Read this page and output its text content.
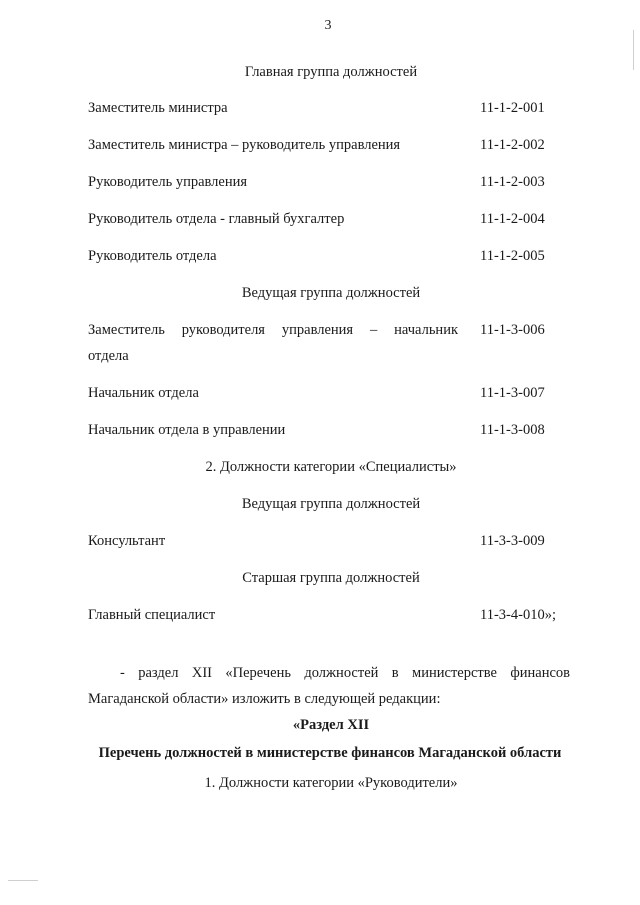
3
Главная группа должностей
Заместитель министра	11-1-2-001
Заместитель министра – руководитель управления	11-1-2-002
Руководитель управления	11-1-2-003
Руководитель отдела - главный бухгалтер	11-1-2-004
Руководитель отдела	11-1-2-005
Ведущая группа должностей
Заместитель руководителя управления – начальник 11-1-3-006
отдела
Начальник отдела	11-1-3-007
Начальник отдела в управлении	11-1-3-008
2. Должности категории «Специалисты»
Ведущая группа должностей
Консультант	11-3-3-009
Старшая группа должностей
Главный специалист	11-3-4-010»;
- раздел XII «Перечень должностей в министерстве финансов
Магаданской области» изложить в следующей редакции:
«Раздел XII
Перечень должностей в министерстве финансов Магаданской области
1. Должности категории «Руководители»
